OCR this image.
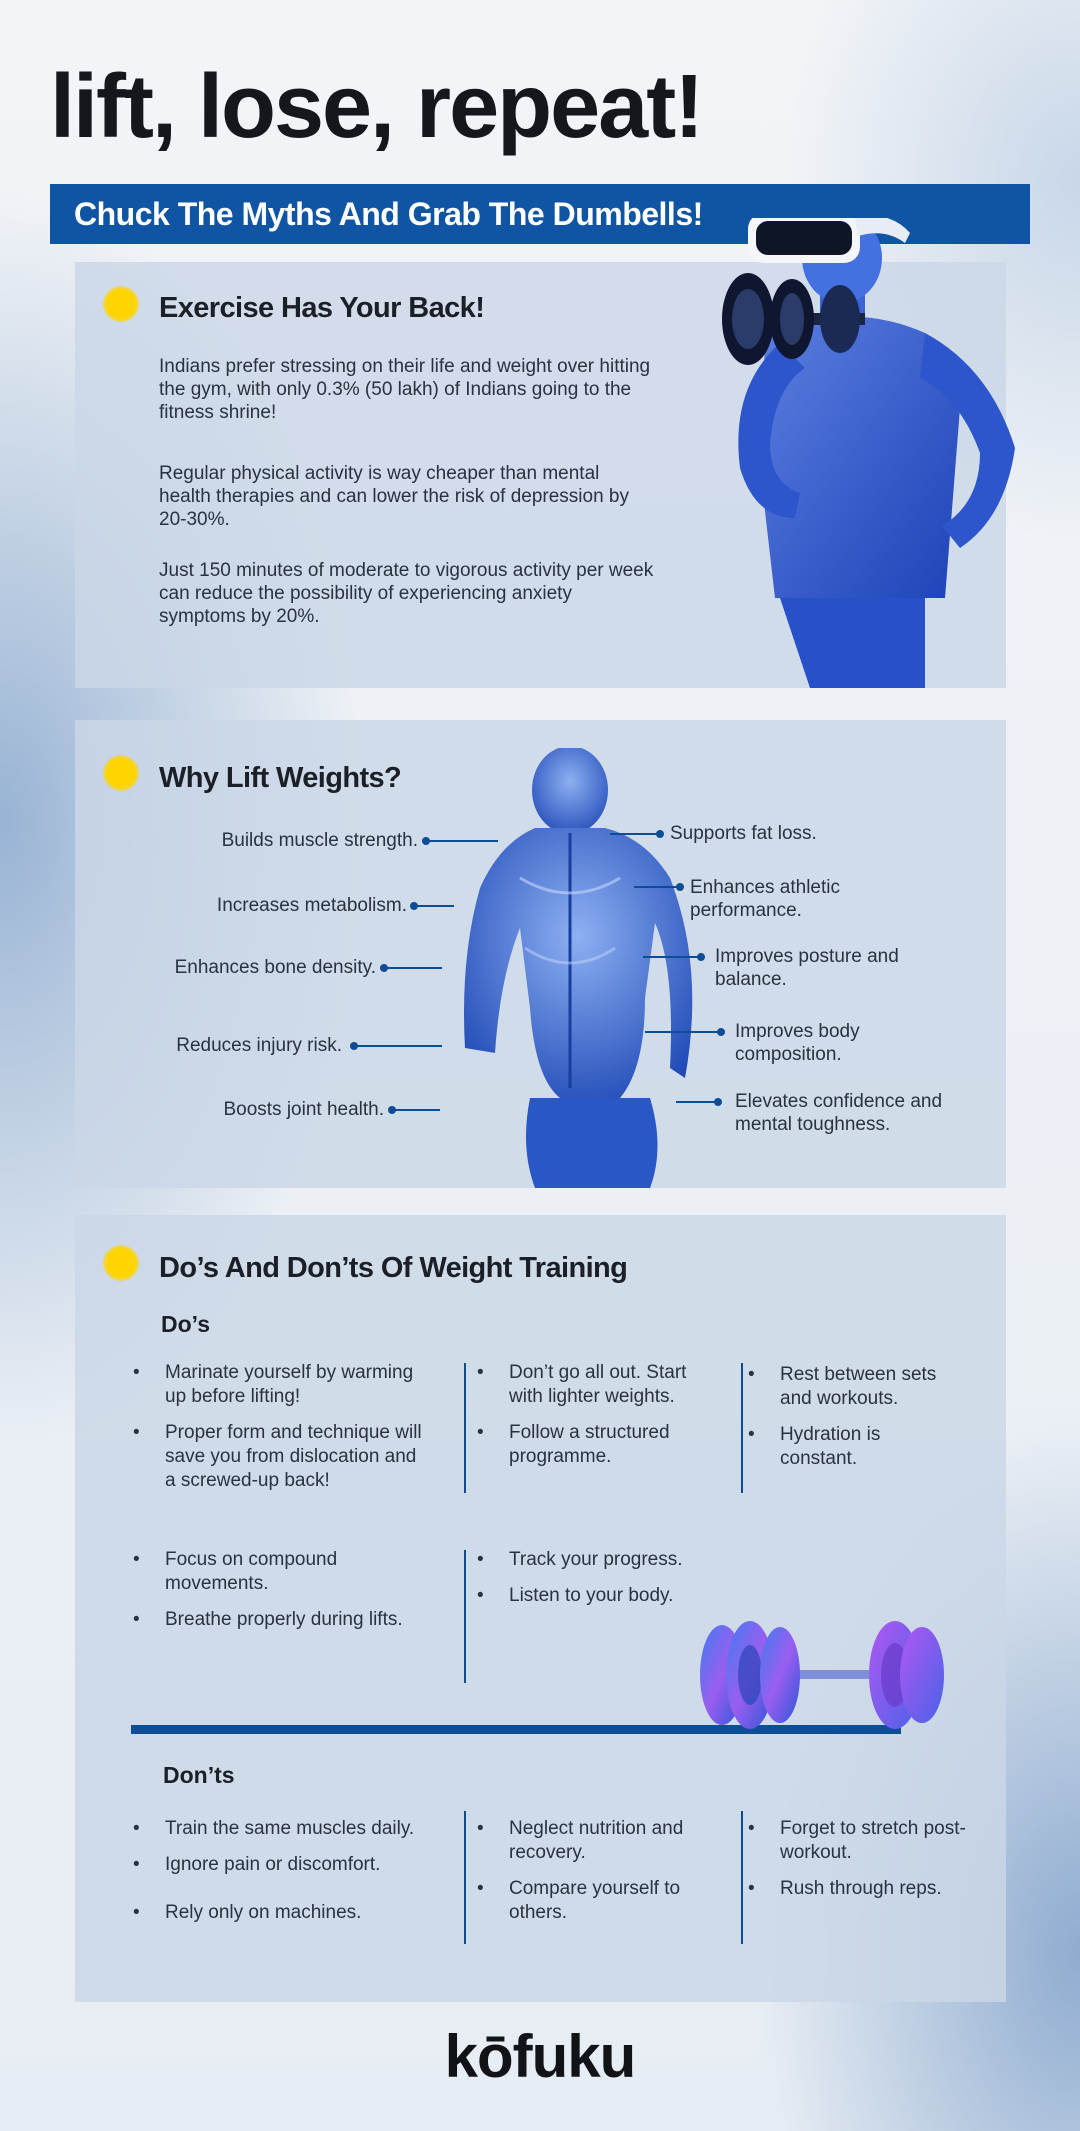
lift, lose, repeat!
Chuck The Myths And Grab The Dumbells!
Exercise Has Your Back!

Indians prefer stressing on their life and weight over hitting the gym, with only 0.3% (50 lakh) of Indians going to the fitness shrine!

Regular physical activity is way cheaper than mental health therapies and can lower the risk of depression by 20-30%.

Just 150 minutes of moderate to vigorous activity per week can reduce the possibility of experiencing anxiety symptoms by 20%.

Why Lift Weights?
Builds muscle strength.
Increases metabolism.
Enhances bone density.
Reduces injury risk.
Boosts joint health.
Supports fat loss.
Enhances athletic performance.
Improves posture and balance.
Improves body composition.
Elevates confidence and mental toughness.
Do’s And Don’ts Of Weight Training
Do’s
• Marinate yourself by warming up before lifting!
• Proper form and technique will save you from dislocation and a screwed-up back!
• Don’t go all out. Start with lighter weights.
• Follow a structured programme.
• Rest between sets and workouts.
• Hydration is constant.
• Focus on compound movements.
• Breathe properly during lifts.
• Track your progress.
• Listen to your body.
Don’ts
• Train the same muscles daily.
• Ignore pain or discomfort.
• Rely only on machines.
• Neglect nutrition and recovery.
• Compare yourself to others.
• Forget to stretch post-workout.
• Rush through reps.
kōfuku
